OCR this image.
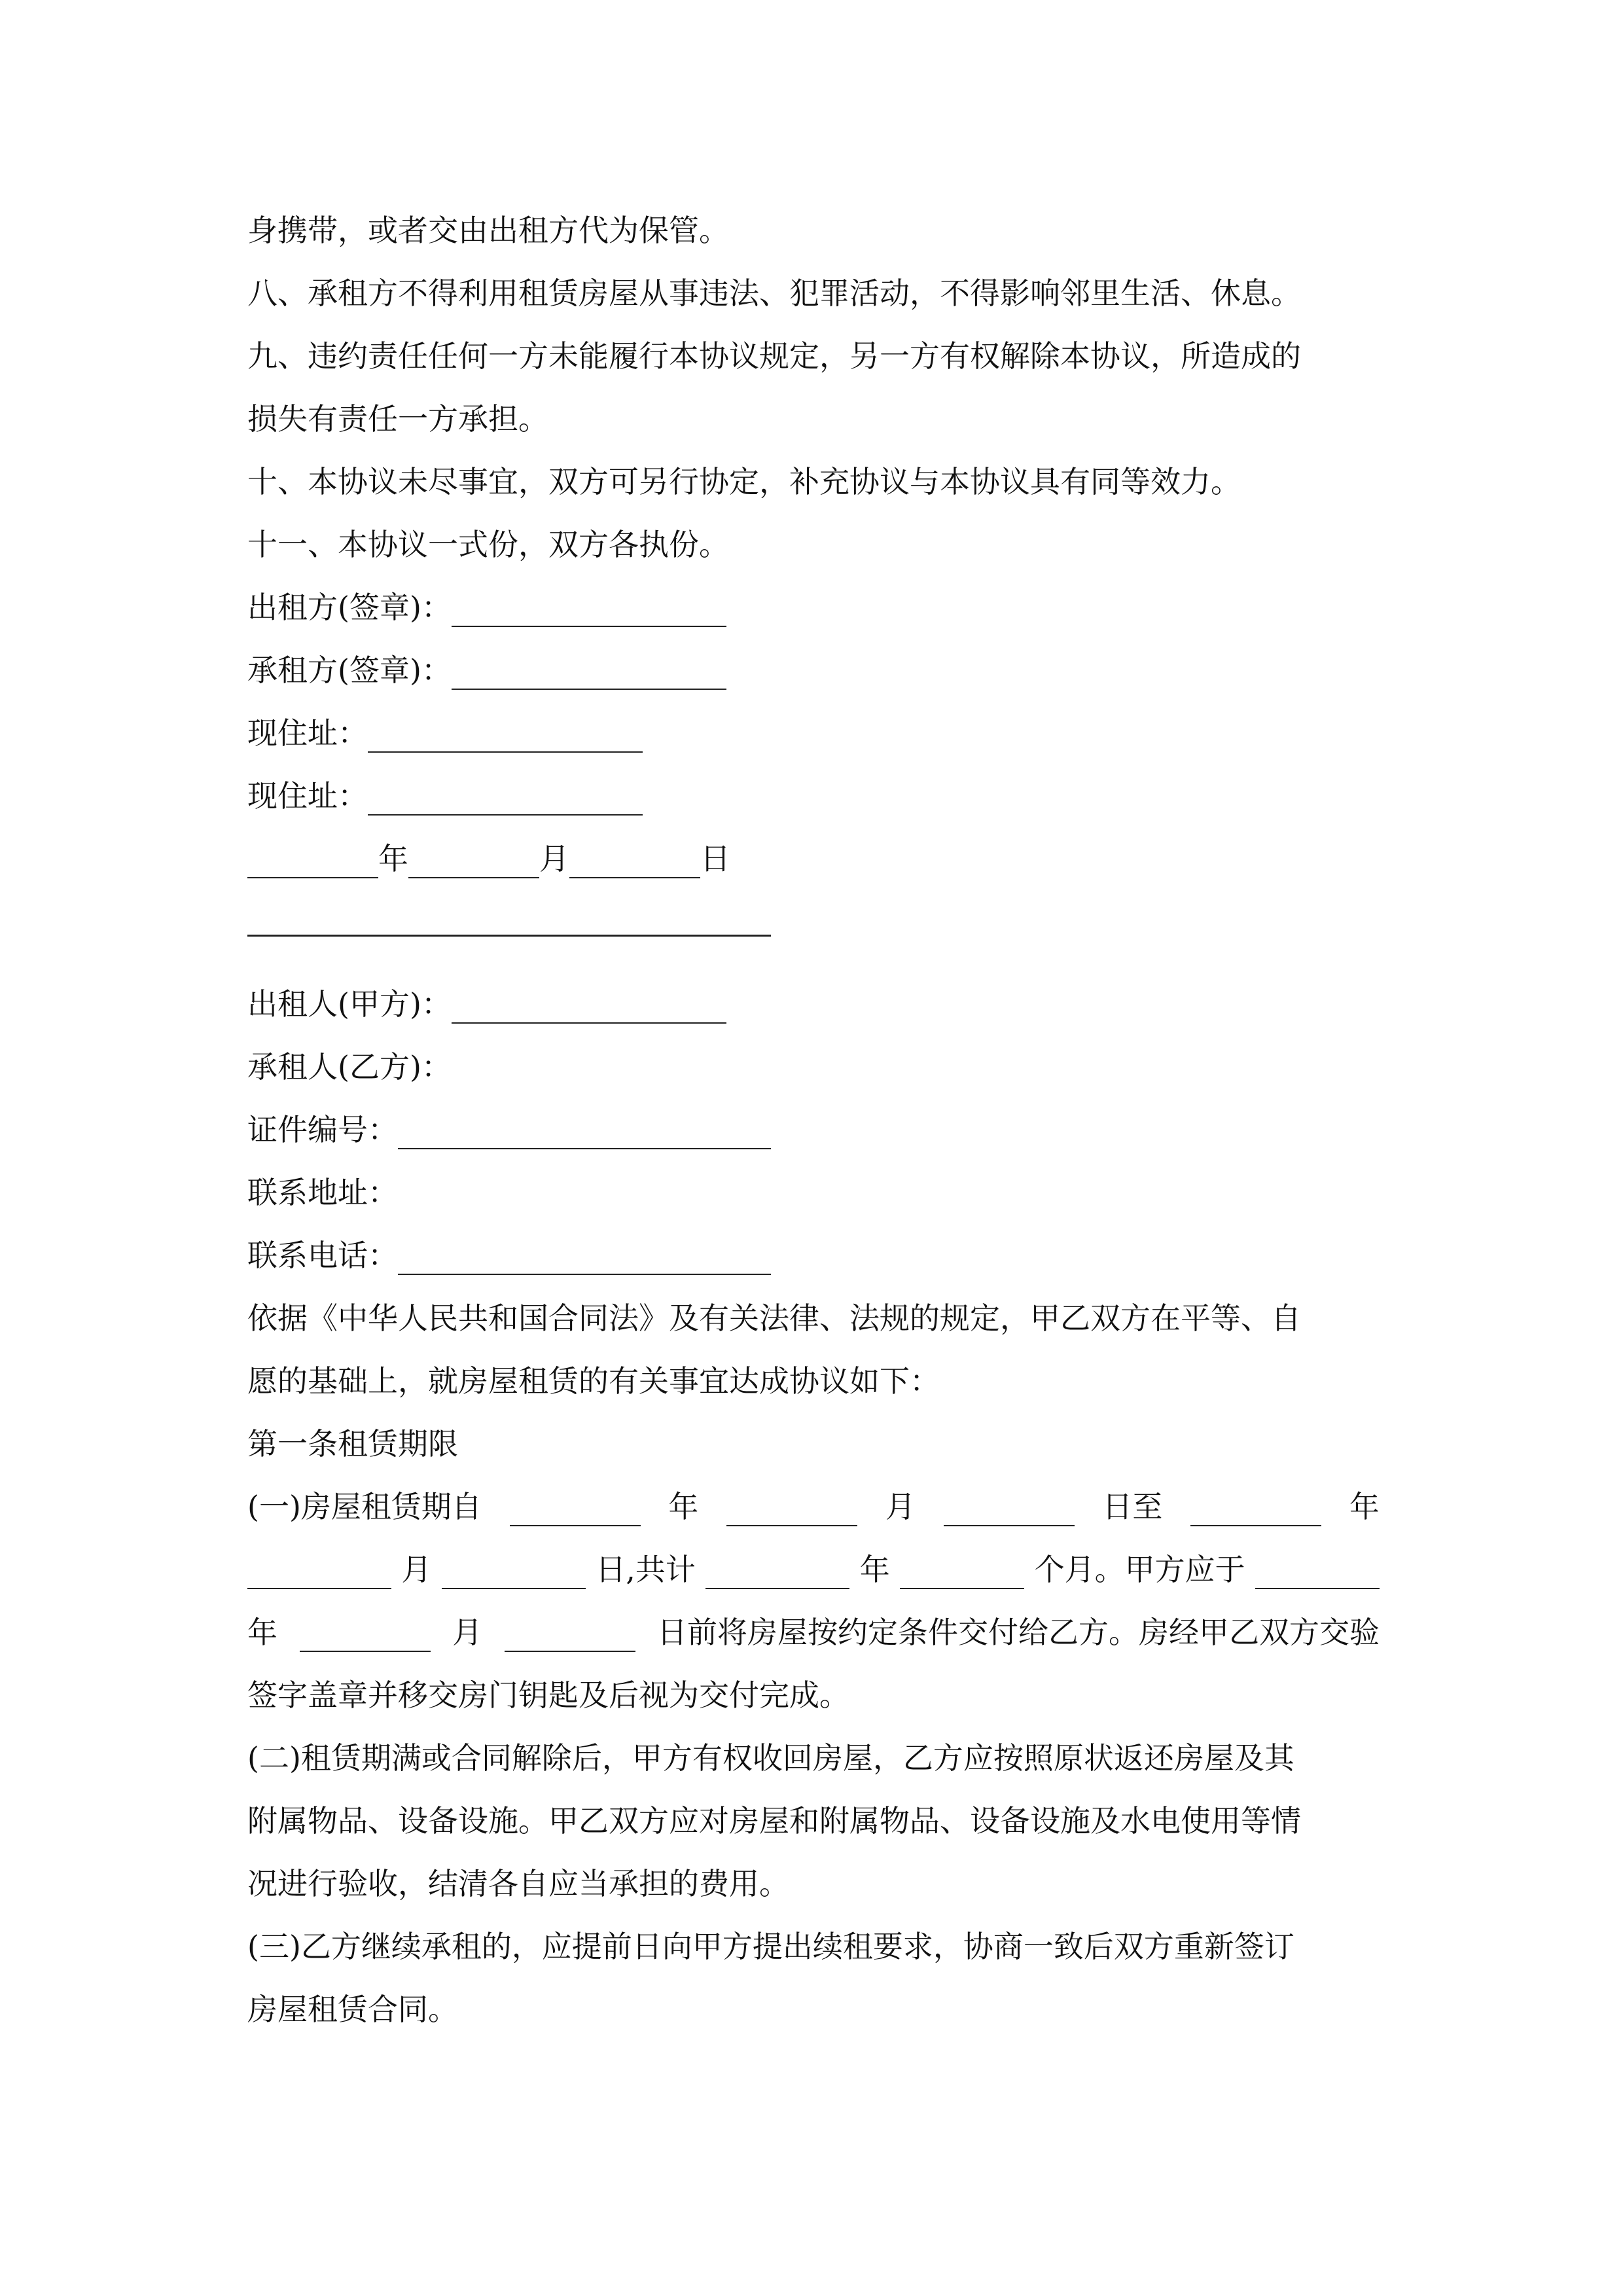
身携带，或者交由出租方代为保管。
八、承租方不得利用租赁房屋从事违法、犯罪活动，不得影响邻里生活、休息。
九、违约责任任何一方未能履行本协议规定，另一方有权解除本协议，所造成的
损失有责任一方承担。
十、本协议未尽事宜，双方可另行协定，补充协议与本协议具有同等效力。
十一、本协议一式份，双方各执份。
出租方(签章)：
承租方(签章)：
现住址：
现住址：
年	月	日
出租人(甲方)：
承租人(乙方)：
证件编号：
联系地址：
联系电话：
依据《中华人民共和国合同法》及有关法律、法规的规定，甲乙双方在平等、自
愿的基础上，就房屋租赁的有关事宜达成协议如下：
第一条租赁期限
(一)房屋租赁期自	年	月	日至	年
月	日,共计	年	个月。甲方应于
年	月	日前将房屋按约定条件交付给乙方。房经甲乙双方交验
签字盖章并移交房门钥匙及后视为交付完成。
(二)租赁期满或合同解除后，甲方有权收回房屋，乙方应按照原状返还房屋及其
附属物品、设备设施。甲乙双方应对房屋和附属物品、设备设施及水电使用等情
况进行验收，结清各自应当承担的费用。
(三)乙方继续承租的，应提前日向甲方提出续租要求，协商一致后双方重新签订
房屋租赁合同。
